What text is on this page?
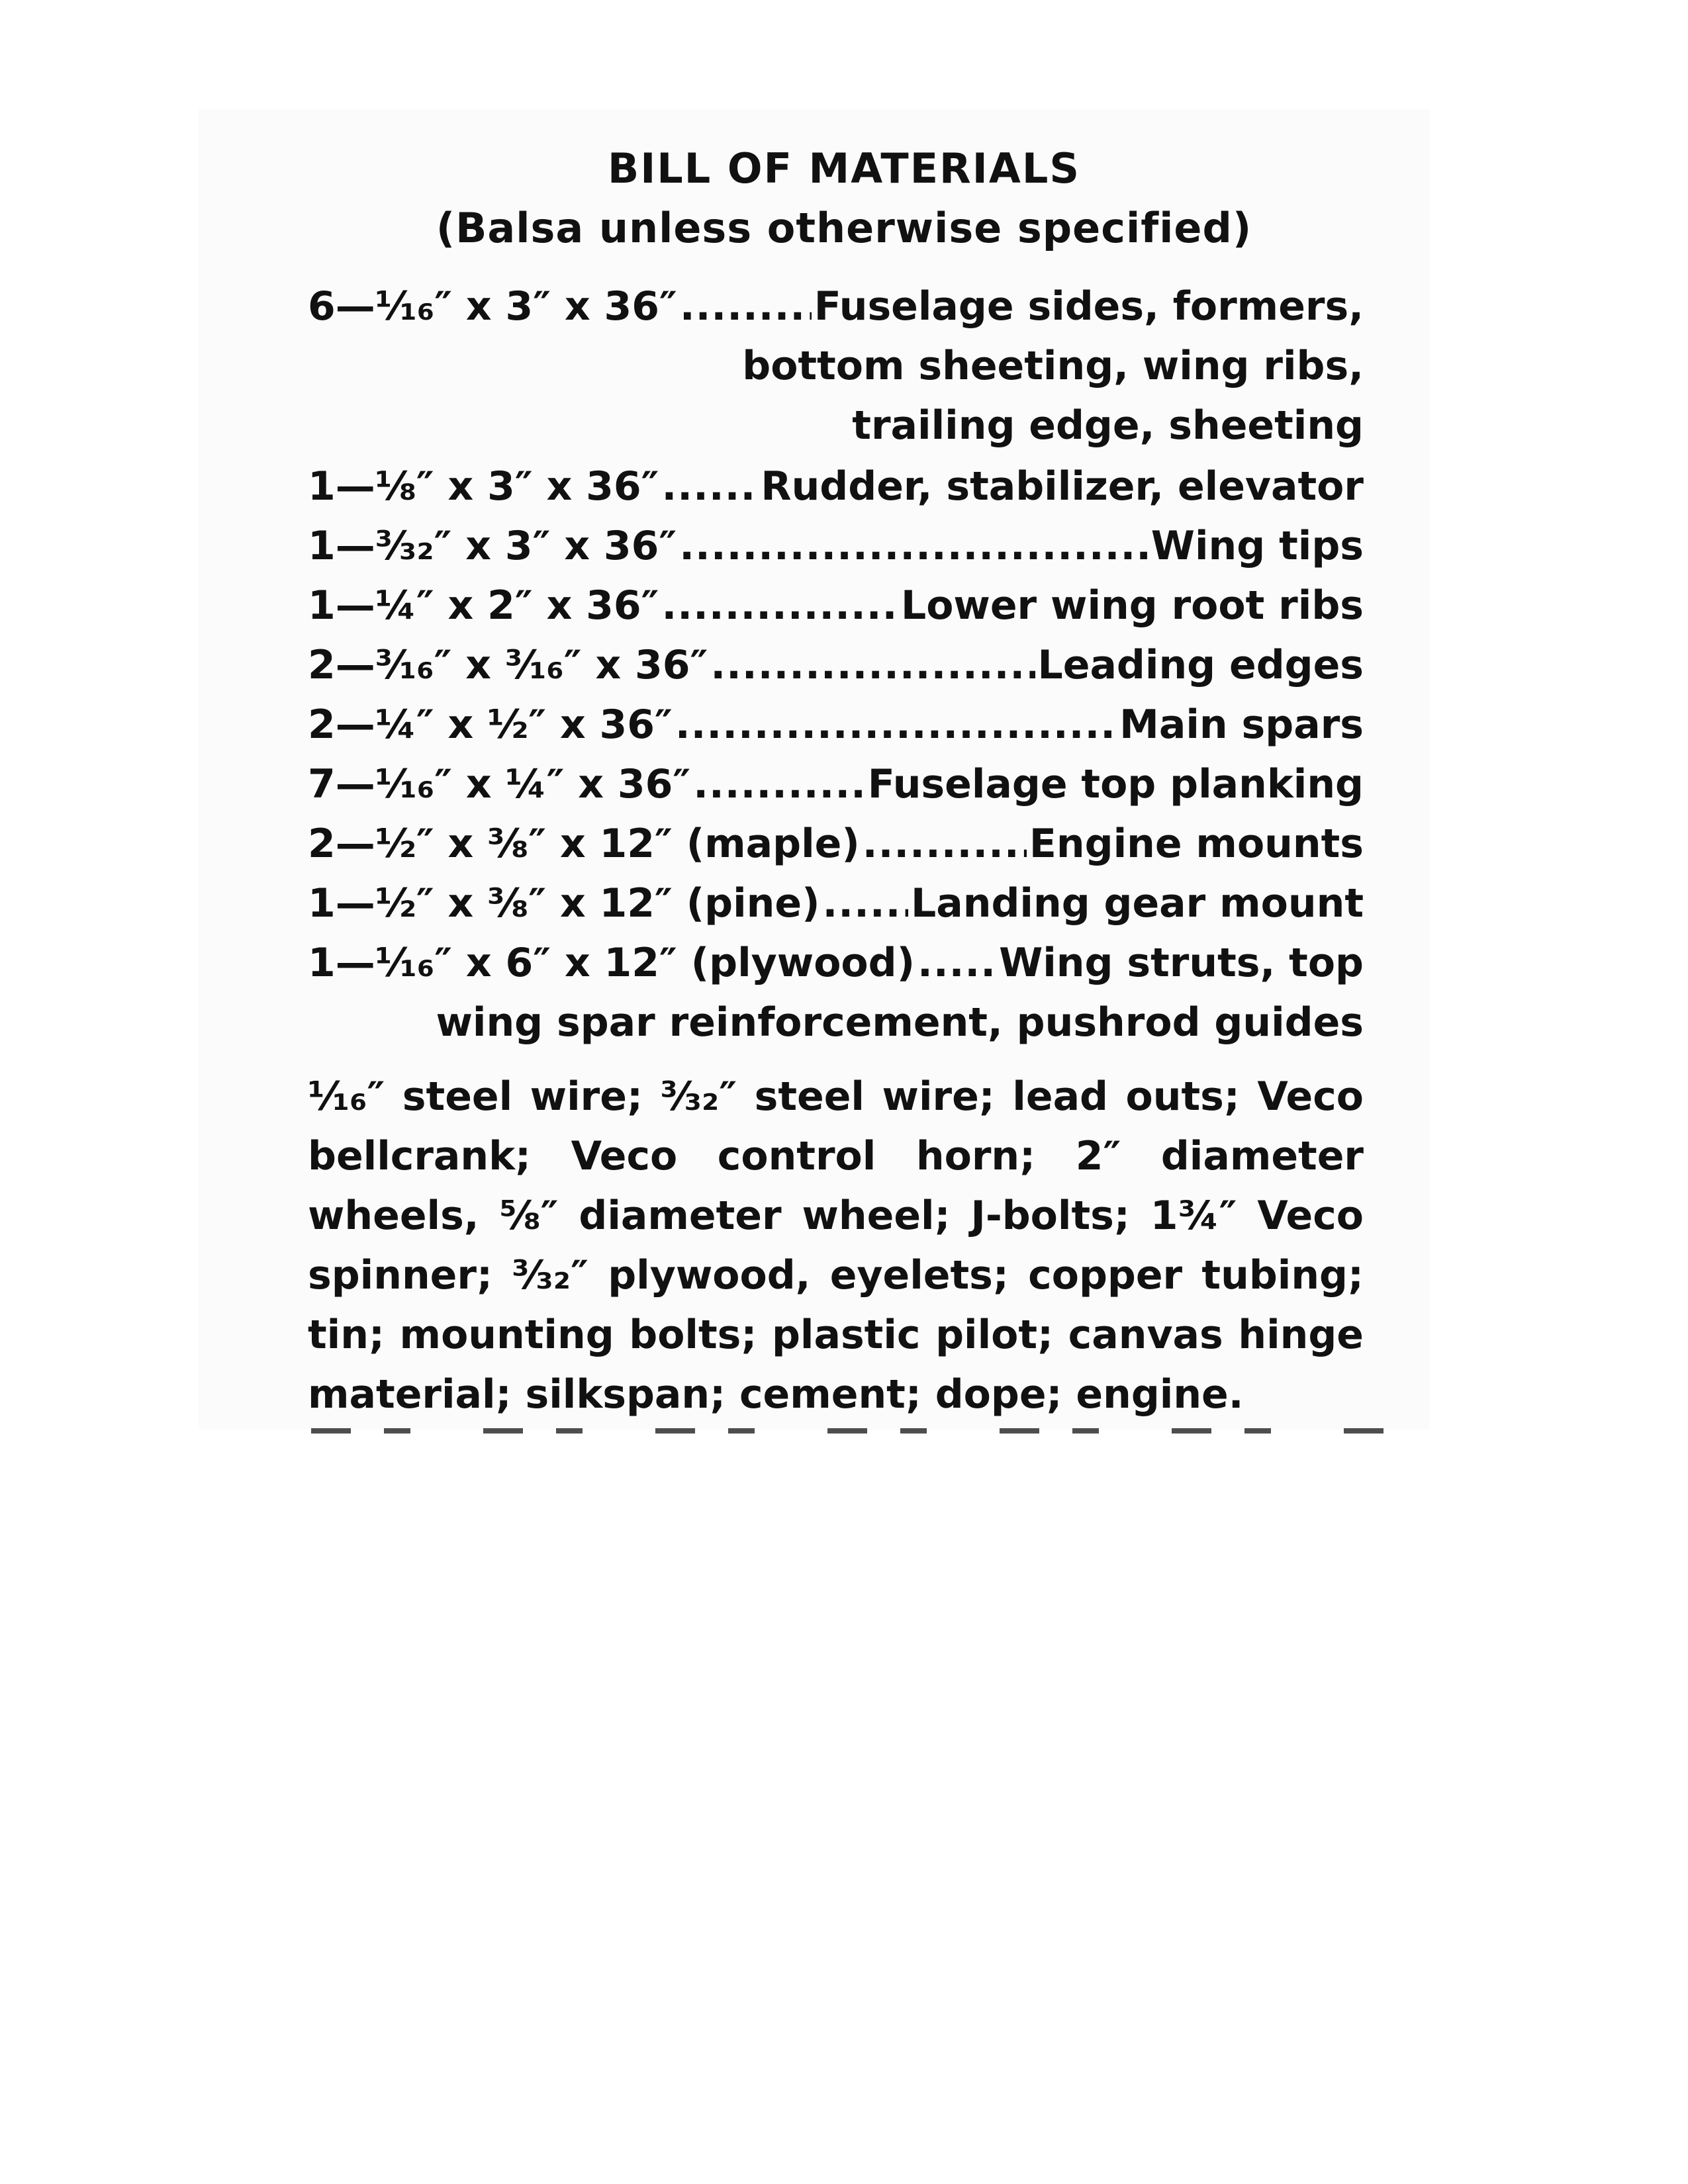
BILL OF MATERIALS
(Balsa unless otherwise specified)
6—⅟₁₆″ x 3″ x 36″ .....	Fuselage sides, formers,
bottom sheeting, wing ribs,
trailing edge, sheeting
1—⅛″ x 3″ x 36″ .....	Rudder, stabilizer, elevator
1—³⁄₃₂″ x 3″ x 36″ .....	Wing tips
1—¼″ x 2″ x 36″ .....	Lower wing root ribs
2—³⁄₁₆″ x ³⁄₁₆″ x 36″ .....	Leading edges
2—¼″ x ½″ x 36″ .....	Main spars
7—⅟₁₆″ x ¼″ x 36″ .....	Fuselage top planking
2—½″ x ⅜″ x 12″ (maple) .....	Engine mounts
1—½″ x ⅜″ x 12″ (pine) ..... Landing gear mount
1—⅟₁₆″ x 6″ x 12″ (plywood) ..... Wing struts, top
wing spar reinforcement, pushrod guides

⅟₁₆″ steel wire; ³⁄₃₂″ steel wire; lead outs; Veco bellcrank; Veco control horn; 2″ diameter wheels, ⅝″ diameter wheel; J-bolts; 1¾″ Veco spinner; ³⁄₃₂″ plywood, eyelets; copper tubing; tin; mounting bolts; plastic pilot; canvas hinge material; silkspan; cement; dope; engine.
